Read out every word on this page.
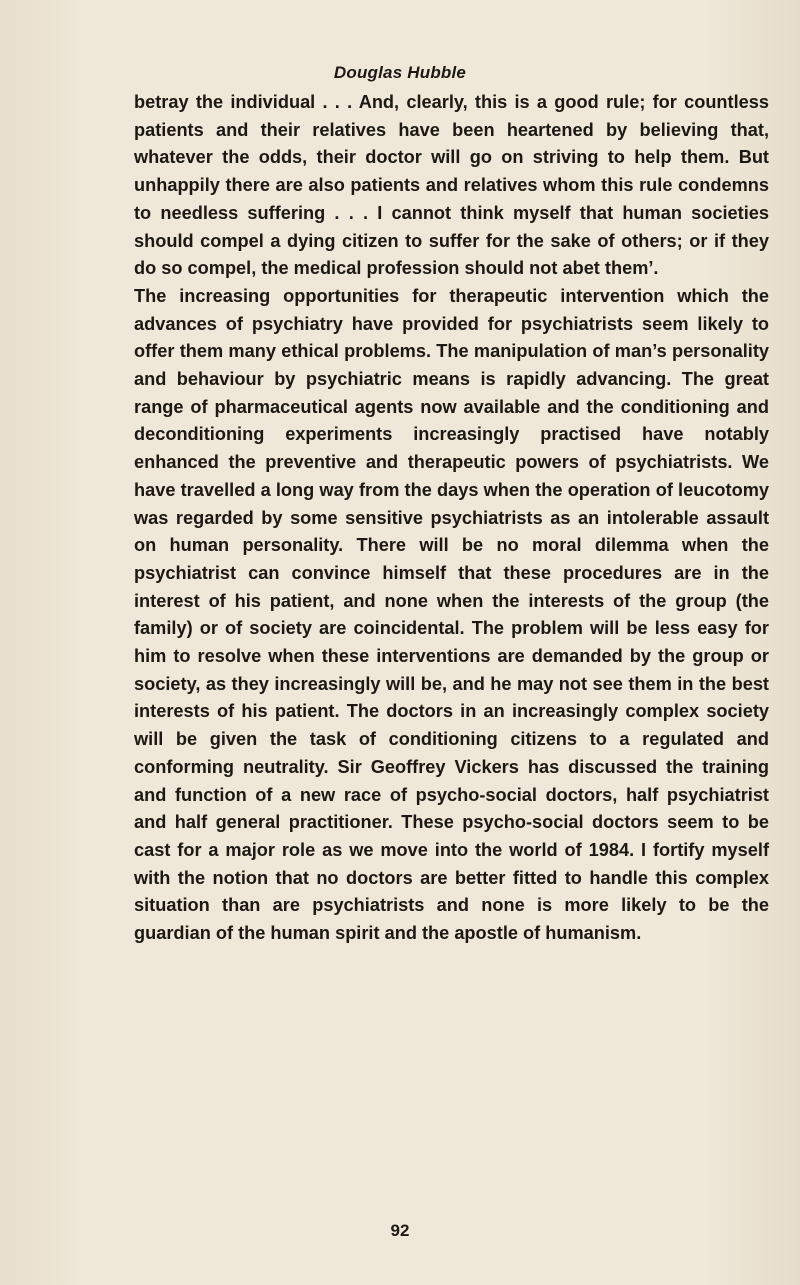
Douglas Hubble

betray the individual . . . And, clearly, this is a good rule; for countless patients and their relatives have been heartened by believing that, whatever the odds, their doctor will go on striving to help them. But unhappily there are also patients and relatives whom this rule condemns to needless suffering . . . I cannot think myself that human societies should compel a dying citizen to suffer for the sake of others; or if they do so compel, the medical profession should not abet them’.

The increasing opportunities for therapeutic intervention which the advances of psychiatry have provided for psychiatrists seem likely to offer them many ethical problems. The manipulation of man’s personality and behaviour by psychiatric means is rapidly advancing. The great range of pharmaceutical agents now available and the conditioning and deconditioning experiments increasingly practised have notably enhanced the preventive and therapeutic powers of psychiatrists. We have travelled a long way from the days when the operation of leucotomy was regarded by some sensitive psychiatrists as an intolerable assault on human personality. There will be no moral dilemma when the psychiatrist can convince himself that these procedures are in the interest of his patient, and none when the interests of the group (the family) or of society are coincidental. The problem will be less easy for him to resolve when these interventions are demanded by the group or society, as they increasingly will be, and he may not see them in the best interests of his patient. The doctors in an increasingly complex society will be given the task of conditioning citizens to a regulated and conforming neutrality. Sir Geoffrey Vickers has discussed the training and function of a new race of psycho-social doctors, half psychiatrist and half general practitioner. These psycho-social doctors seem to be cast for a major role as we move into the world of 1984. I fortify myself with the notion that no doctors are better fitted to handle this complex situation than are psychiatrists and none is more likely to be the guardian of the human spirit and the apostle of humanism.

92
